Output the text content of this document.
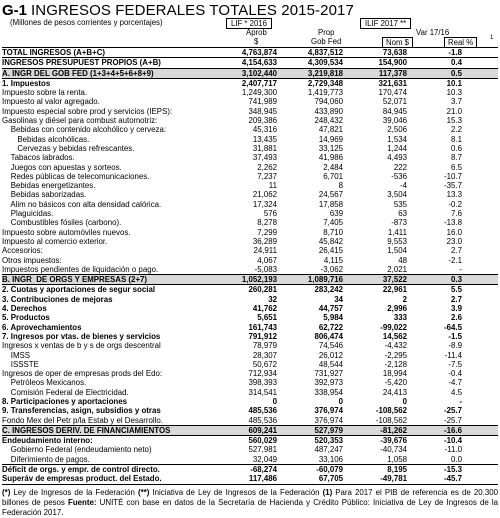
G-1 INGRESOS FEDERALES TOTALES 2015-2017
(Millones de pesos corrientes y porcentajes)	LIF * 2016	ILIF 2017 **
Aprob
$
Prop
Gob Fed
Var 17/16
Nom $	Real %	1
TOTAL INGRESOS (A+B+C)	4,763,874	4,837,512	73,638	-1.8	
INGRESOS PRESUPUEST PROPIOS (A+B)	4,154,633	4,309,534	154,900	0.4	
A. INGR DEL GOB FED (1+3+4+5+6+8+9)	3,102,440	3,219,818	117,378	0.5	
1. Impuestos	2,407,717	2,729,348	321,631	10.1	
Impuesto sobre la renta.	1,249,300	1,419,773	170,474	10.3	
Impuesto al valor agregado.	741,989	794,060	52,071	3.7	
Impuesto especial sobre prod y servicios (IEPS):	348,945	433,890	84,945	21.0	
Gasolinas y diésel para combust automotriz:	209,386	248,432	39,046	15.3	
Bebidas con contenido alcohólico y cerveza:	45,316	47,821	2,506	2.2	
Bebidas alcohólicas.	13,435	14,969	1,534	8.1	
Cervezas y bebidas refrescantes.	31,881	33,125	1,244	0.6	
Tabacos labrados.	37,493	41,986	4,493	8.7	
Juegos con apuestas y sorteos.	2,262	2,484	222	6.5	
Redes públicas de telecomunicaciones.	7,237	6,701	-536	-10.7	
Bebidas energetizantes.	11	8	-4	-35.7	
Bebidas saborizadas.	21,062	24,567	3,504	13.3	
Alim no básicos con alta densidad calórica.	17,324	17,858	535	-0.2	
Plaguicidas.	576	639	63	7.6	
Combustibles fósiles (carbono).	8,278	7,405	-873	-13.8	
Impuesto sobre automóviles nuevos.	7,299	8,710	1,411	16.0	
Impuesto al comercio exterior.	36,289	45,842	9,553	23.0	
Accesorios:	24,911	26,415	1,504	2.7	
Otros impuestos:	4,067	4,115	48	-2.1	
Impuestos pendientes de liquidación o pago.	-5,083	-3,062	2,021	-	
B. INGR  DE ORGS Y EMPRESAS (2+7)	1,052,193	1,089,716	37,522	0.3	
2. Cuotas y aportaciones de segur social	260,281	283,242	22,961	5.5	
3. Contribuciones de mejoras	32	34	2	2.7	
4. Derechos	41,762	44,757	2,996	3.9	
5. Productos	5,651	5,984	333	2.6	
6. Aprovechamientos	161,743	62,722	-99,022	-64.5	
7. Ingresos por vtas. de bienes y servicios	791,912	806,474	14,562	-1.5	
Ingresos x ventas de b y s de orgs descentral	78,979	74,546	-4,432	-8.9	
IMSS	28,307	26,012	-2,295	-11.4	
ISSSTE	50,672	48,544	-2,128	-7.5	
Ingresos de oper de empresas prods del Edo:	712,934	731,927	18,994	-0.4	
Petróleos Mexicanos.	398,393	392,973	-5,420	-4.7	
Comisión Federal de Electricidad.	314,541	338,954	24,413	4.5	
8. Participaciones y aportaciones	0	0	0	-	
9. Transferencias, asign, subsidios y otras	485,536	376,974	-108,562	-25.7	
Fondo Mex del Petr p/la Estab y el Desarrollo.	485,536	376,974	-108,562	-25.7	
C. INGRESOS DERIV. DE FINANCIAMIENTOS	609,241	527,979	-81,262	-16.6	
Endeudamiento interno:	560,029	520,353	-39,676	-10.4	
Gobierno Federal (endeudamiento neto)	527,981	487,247	-40,734	-11.0	
Diferimiento de pagos.	32,049	33,106	1,058	0.0	
Déficit de orgs. y empr. de control directo.	-68,274	-60,079	8,195	-15.3	
Superáv de empresas product. del Estado.	117,486	67,705	-49,781	-45.7	
(*) Ley de Ingresos de la Federación (**) Iniciativa de Ley de Ingresos de la Federación (1) Para 2017 el PIB de referencia es de 20.300 billones de pesos Fuente: UNITÉ con base en datos de la Secretaría de Hacienda y Crédito Público: Iniciativa de Ley de Ingresos de la Federación 2017.
